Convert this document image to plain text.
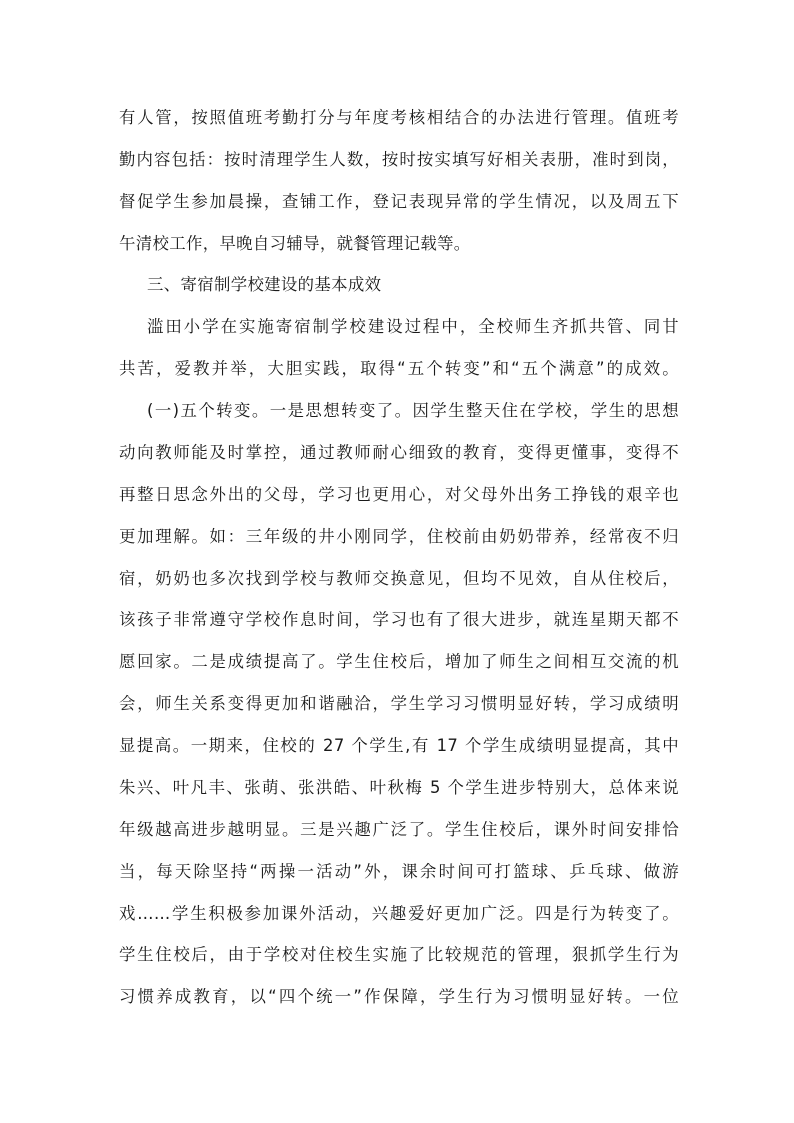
有人管，按照值班考勤打分与年度考核相结合的办法进行管理。值班考
勤内容包括：按时清理学生人数，按时按实填写好相关表册，准时到岗，
督促学生参加晨操，查铺工作，登记表现异常的学生情况，以及周五下
午清校工作，早晚自习辅导，就餐管理记载等。
三、寄宿制学校建设的基本成效
滥田小学在实施寄宿制学校建设过程中，全校师生齐抓共管、同甘
共苦，爱教并举，大胆实践，取得“五个转变”和“五个满意”的成效。
(一)五个转变。一是思想转变了。因学生整天住在学校，学生的思想
动向教师能及时掌控，通过教师耐心细致的教育，变得更懂事，变得不
再整日思念外出的父母，学习也更用心，对父母外出务工挣钱的艰辛也
更加理解。如：三年级的井小刚同学，住校前由奶奶带养，经常夜不归
宿，奶奶也多次找到学校与教师交换意见，但均不见效，自从住校后，
该孩子非常遵守学校作息时间，学习也有了很大进步，就连星期天都不
愿回家。二是成绩提高了。学生住校后，增加了师生之间相互交流的机
会，师生关系变得更加和谐融洽，学生学习习惯明显好转，学习成绩明
显提高。一期来，住校的 27 个学生,有 17 个学生成绩明显提高，其中
朱兴、叶凡丰、张萌、张洪皓、叶秋梅 5 个学生进步特别大，总体来说
年级越高进步越明显。三是兴趣广泛了。学生住校后，课外时间安排恰
当，每天除坚持“两操一活动”外，课余时间可打篮球、乒乓球、做游
戏……学生积极参加课外活动，兴趣爱好更加广泛。四是行为转变了。
学生住校后，由于学校对住校生实施了比较规范的管理，狠抓学生行为
习惯养成教育，以“四个统一”作保障，学生行为习惯明显好转。一位
